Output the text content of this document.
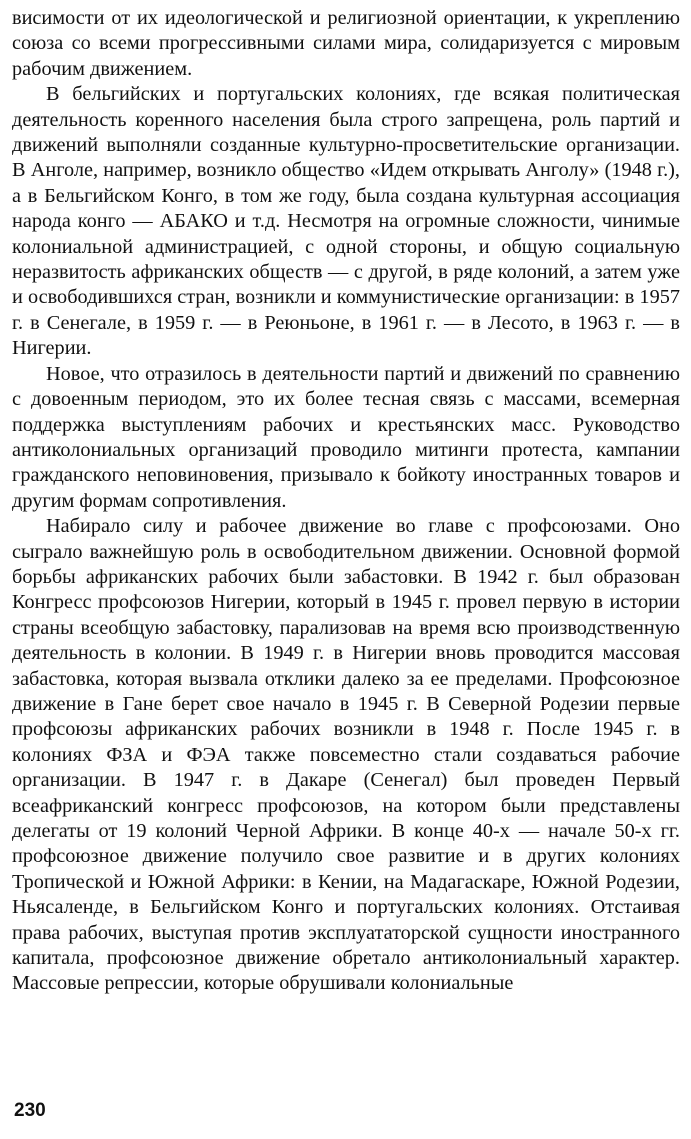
висимости от их идеологической и религиозной ориентации, к укреплению союза со всеми прогрессивными силами мира, солидаризуется с мировым рабочим движением.

В бельгийских и португальских колониях, где всякая политическая деятельность коренного населения была строго запрещена, роль партий и движений выполняли созданные культурно-просветительские организации. В Анголе, например, возникло общество «Идем открывать Анголу» (1948 г.), а в Бельгийском Конго, в том же году, была создана культурная ассоциация народа конго — АБАКО и т.д. Несмотря на огромные сложности, чинимые колониальной администрацией, с одной стороны, и общую социальную неразвитость африканских обществ — с другой, в ряде колоний, а затем уже и освободившихся стран, возникли и коммунистические организации: в 1957 г. в Сенегале, в 1959 г. — в Реюньоне, в 1961 г. — в Лесото, в 1963 г. — в Нигерии.

Новое, что отразилось в деятельности партий и движений по сравнению с довоенным периодом, это их более тесная связь с массами, всемерная поддержка выступлениям рабочих и крестьянских масс. Руководство антиколониальных организаций проводило митинги протеста, кампании гражданского неповиновения, призывало к бойкоту иностранных товаров и другим формам сопротивления.

Набирало силу и рабочее движение во главе с профсоюзами. Оно сыграло важнейшую роль в освободительном движении. Основной формой борьбы африканских рабочих были забастовки. В 1942 г. был образован Конгресс профсоюзов Нигерии, который в 1945 г. провел первую в истории страны всеобщую забастовку, парализовав на время всю производственную деятельность в колонии. В 1949 г. в Нигерии вновь проводится массовая забастовка, которая вызвала отклики далеко за ее пределами. Профсоюзное движение в Гане берет свое начало в 1945 г. В Северной Родезии первые профсоюзы африканских рабочих возникли в 1948 г. После 1945 г. в колониях ФЗА и ФЭА также повсеместно стали создаваться рабочие организации. В 1947 г. в Дакаре (Сенегал) был проведен Первый всеафриканский конгресс профсоюзов, на котором были представлены делегаты от 19 колоний Черной Африки. В конце 40-х — начале 50-х гг. профсоюзное движение получило свое развитие и в других колониях Тропической и Южной Африки: в Кении, на Мадагаскаре, Южной Родезии, Ньясаленде, в Бельгийском Конго и португальских колониях. Отстаивая права рабочих, выступая против эксплуататорской сущности иностранного капитала, профсоюзное движение обретало антиколониальный характер. Массовые репрессии, которые обрушивали колониальные

230
